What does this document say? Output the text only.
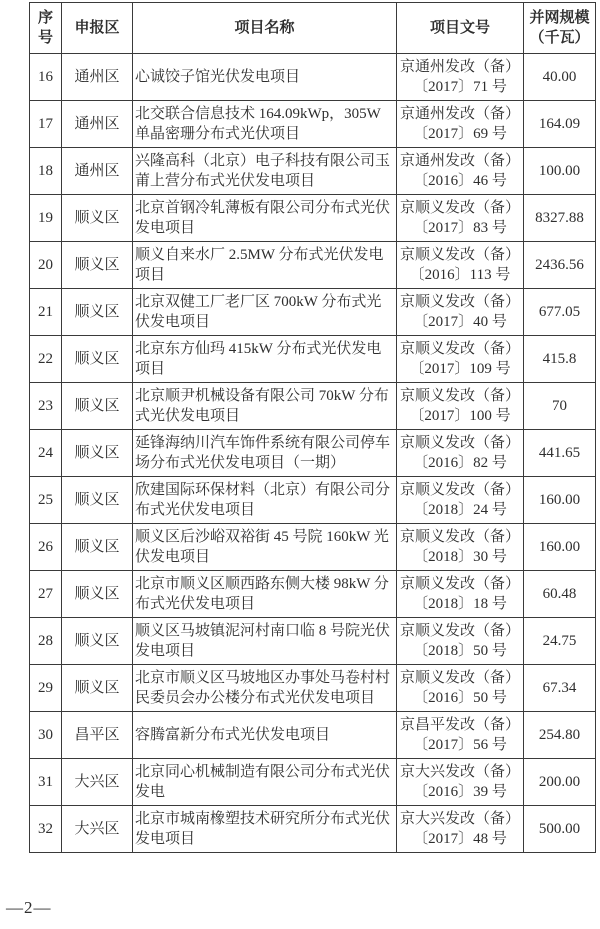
序号	申报区	项目名称	项目文号	并网规模（千瓦）
16	通州区	心诚饺子馆光伏发电项目	京通州发改（备）〔2017〕71 号	40.00
17	通州区	北交联合信息技术 164.09kWp，305W 单晶密珊分布式光伏项目	京通州发改（备）〔2017〕69 号	164.09
18	通州区	兴隆高科（北京）电子科技有限公司玉莆上营分布式光伏发电项目	京通州发改（备）〔2016〕46 号	100.00
19	顺义区	北京首钢冷轧薄板有限公司分布式光伏发电项目	京顺义发改（备）〔2017〕83 号	8327.88
20	顺义区	顺义自来水厂 2.5MW 分布式光伏发电项目	京顺义发改（备）〔2016〕113 号	2436.56
21	顺义区	北京双健工厂老厂区 700kW 分布式光伏发电项目	京顺义发改（备）〔2017〕40 号	677.05
22	顺义区	北京东方仙玛 415kW 分布式光伏发电项目	京顺义发改（备）〔2017〕109 号	415.8
23	顺义区	北京顺尹机械设备有限公司 70kW 分布式光伏发电项目	京顺义发改（备）〔2017〕100 号	70
24	顺义区	延锋海纳川汽车饰件系统有限公司停车场分布式光伏发电项目（一期）	京顺义发改（备）〔2016〕82 号	441.65
25	顺义区	欣建国际环保材料（北京）有限公司分布式光伏发电项目	京顺义发改（备）〔2018〕24 号	160.00
26	顺义区	顺义区后沙峪双裕街 45 号院 160kW 光伏发电项目	京顺义发改（备）〔2018〕30 号	160.00
27	顺义区	北京市顺义区顺西路东侧大楼 98kW 分布式光伏发电项目	京顺义发改（备）〔2018〕18 号	60.48
28	顺义区	顺义区马坡镇泥河村南口临 8 号院光伏发电项目	京顺义发改（备）〔2018〕50 号	24.75
29	顺义区	北京市顺义区马坡地区办事处马卷村村民委员会办公楼分布式光伏发电项目	京顺义发改（备）〔2016〕50 号	67.34
30	昌平区	容腾富新分布式光伏发电项目	京昌平发改（备）〔2017〕56 号	254.80
31	大兴区	北京同心机械制造有限公司分布式光伏发电	京大兴发改（备）〔2016〕39 号	200.00
32	大兴区	北京市城南橡塑技术研究所分布式光伏发电项目	京大兴发改（备）〔2017〕48 号	500.00
—2—
